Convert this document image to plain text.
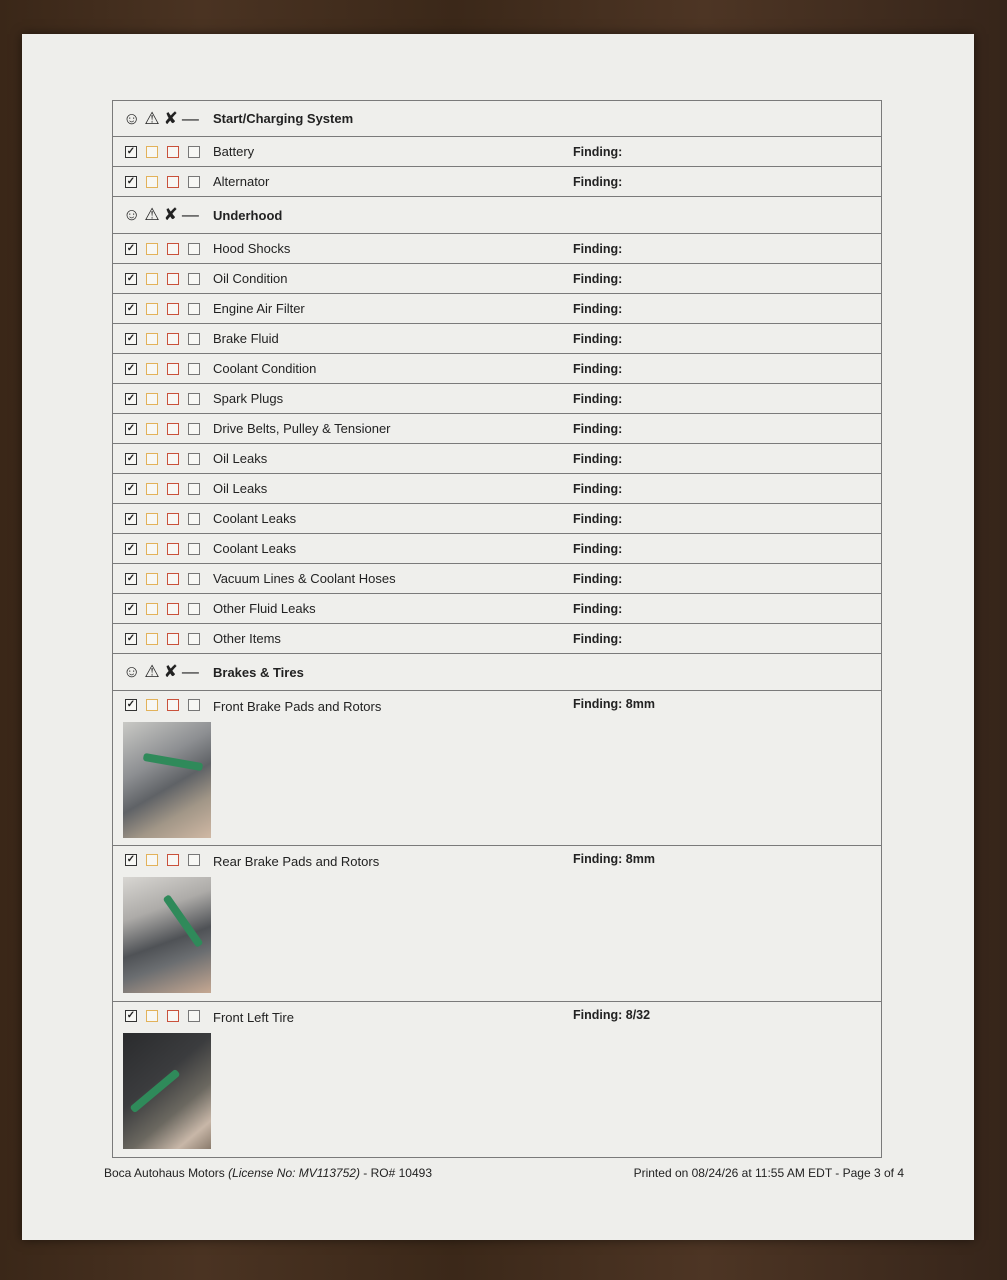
☺ ⚠ ✘ — Start/Charging System
✓	Battery	Finding:
✓	Alternator	Finding:
☺ ⚠ ✘ — Underhood
✓	Hood Shocks	Finding:
✓	Oil Condition	Finding:
✓	Engine Air Filter	Finding:
✓	Brake Fluid	Finding:
✓	Coolant Condition	Finding:
✓	Spark Plugs	Finding:
✓	Drive Belts, Pulley & Tensioner	Finding:
✓	Oil Leaks	Finding:
✓	Oil Leaks	Finding:
✓	Coolant Leaks	Finding:
✓	Coolant Leaks	Finding:
✓	Vacuum Lines & Coolant Hoses	Finding:
✓	Other Fluid Leaks	Finding:
✓	Other Items	Finding:
☺ ⚠ ✘ — Brakes & Tires
✓	Front Brake Pads and Rotors	Finding: 8mm
✓	Rear Brake Pads and Rotors	Finding: 8mm
✓	Front Left Tire	Finding: 8/32
Boca Autohaus Motors (License No: MV113752) - RO# 10493	Printed on 08/24/26 at 11:55 AM EDT - Page 3 of 4
